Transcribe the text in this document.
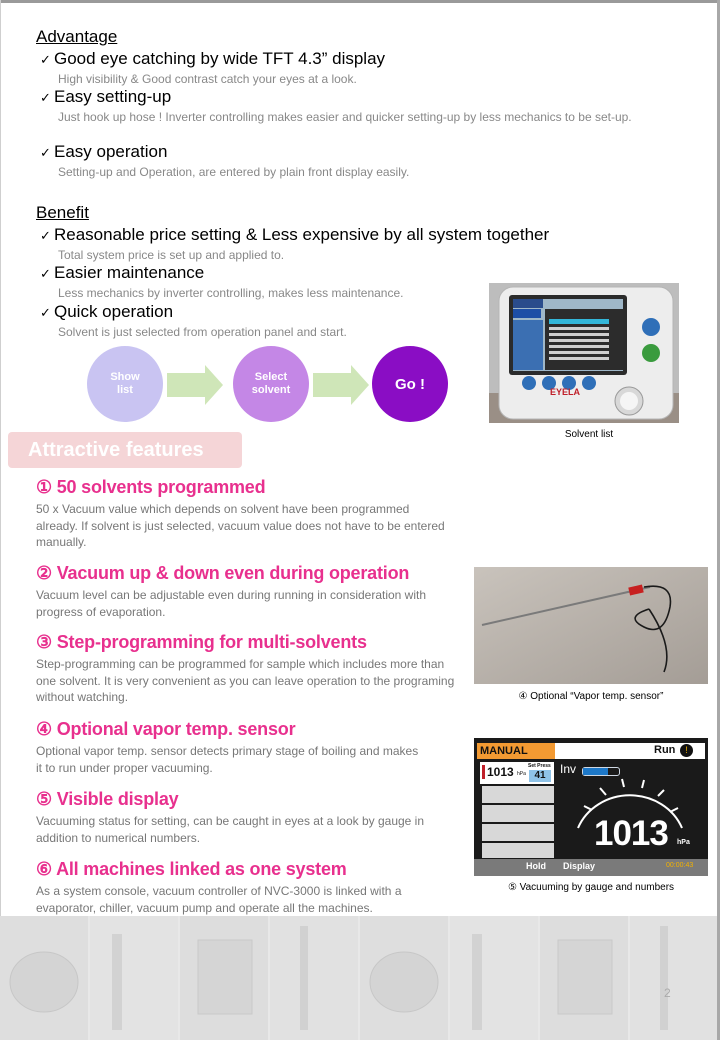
Advantage
✓ Good eye catching by wide TFT 4.3” display
High visibility & Good contrast catch your eyes at a look.
✓ Easy setting-up
Just hook up hose ! Inverter controlling makes easier and quicker setting-up by less mechanics to be set-up.
✓ Easy operation
Setting-up and Operation, are entered by plain front display easily.
Benefit
✓ Reasonable price setting & Less expensive by all system together
Total system price is set up and applied to.
✓ Easier maintenance
Less mechanics by inverter controlling, makes less maintenance.
✓ Quick operation
Solvent is just selected from operation panel and start.
Show
list
Select
solvent	Go !	EYELA
Solvent list
Attractive features
① 50 solvents programmed
50 x Vacuum value which depends on solvent have been programmed already. If solvent is just selected, vacuum value does not have to be entered manually.
② Vacuum up & down even during operation
Vacuum level can be adjustable even during running in consideration with progress of evaporation.
③ Step-programming for multi-solvents
Step-programming can be programmed for sample which includes more than one solvent. It is very convenient as you can leave operation to the programing without watching.
④ Optional vapor temp. sensor
Optional vapor temp. sensor detects primary stage of boiling and makes it to run under proper vacuuming.
⑤ Visible display
Vacuuming status for setting, can be caught in eyes at a look by gauge in addition to numerical numbers.
⑥ All machines linked as one system
As a system console, vacuum controller of NVC-3000 is linked with a evaporator, chiller, vacuum pump and operate all the machines.
④ Optional “Vapor temp. sensor”
MANUAL	Run	!
1013 hPa
Set Press
41	Inv
1013 hPa
Hold Display	00:00:43
⑤ Vacuuming by gauge and numbers
2
